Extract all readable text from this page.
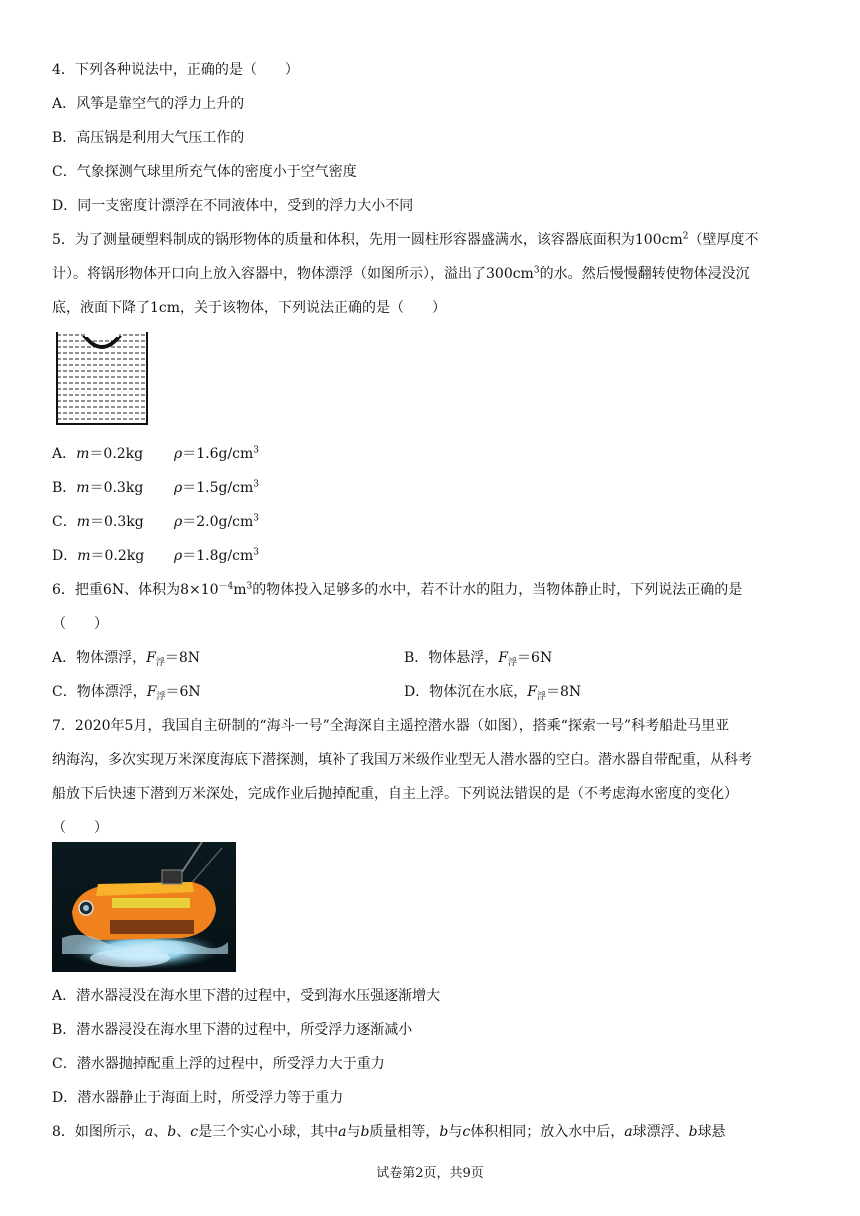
4．下列各种说法中，正确的是（　　）
A．风筝是靠空气的浮力上升的
B．高压锅是利用大气压工作的
C．气象探测气球里所充气体的密度小于空气密度
D．同一支密度计漂浮在不同液体中，受到的浮力大小不同
5．为了测量硬塑料制成的锅形物体的质量和体积，先用一圆柱形容器盛满水，该容器底面积为$100cm^2$（壁厚度不
计）。将锅形物体开口向上放入容器中，物体漂浮（如图所示），溢出了$300cm^3$的水。然后慢慢翻转使物体浸没沉
底，液面下降了1cm，关于该物体，下列说法正确的是（　　）
A．m＝0.2kg $\rho=1.6g/cm^3$
B．m＝0.3kg $\rho=1.5g/cm^3$
C．m＝0.3kg $\rho=2.0g/cm^3$
D．m＝0.2kg $\rho=1.8g/cm^3$
6．把重6N、体积为$8\times 10^{-4}m^3$的物体投入足够多的水中，若不计水的阻力，当物体静止时，下列说法正确的是
（　　）
A．物体漂浮，$F_浮=8N$	B．物体悬浮，$F_浮=6N$
C．物体漂浮，$F_浮=6N$	D．物体沉在水底，$F_浮=8N$
7．2020年5月，我国自主研制的“海斗一号”全海深自主遥控潜水器（如图），搭乘“探索一号”科考船赴马里亚
纳海沟，多次实现万米深度海底下潜探测，填补了我国万米级作业型无人潜水器的空白。潜水器自带配重，从科考
船放下后快速下潜到万米深处，完成作业后抛掉配重，自主上浮。下列说法错误的是（不考虑海水密度的变化）
（　　）
A．潜水器浸没在海水里下潜的过程中，受到海水压强逐渐增大
B．潜水器浸没在海水里下潜的过程中，所受浮力逐渐减小
C．潜水器抛掉配重上浮的过程中，所受浮力大于重力
D．潜水器静止于海面上时，所受浮力等于重力
8．如图所示，a、b、c是三个实心小球，其中a与b质量相等，b与c体积相同；放入水中后，a球漂浮、b球悬
试卷第2页，共9页
